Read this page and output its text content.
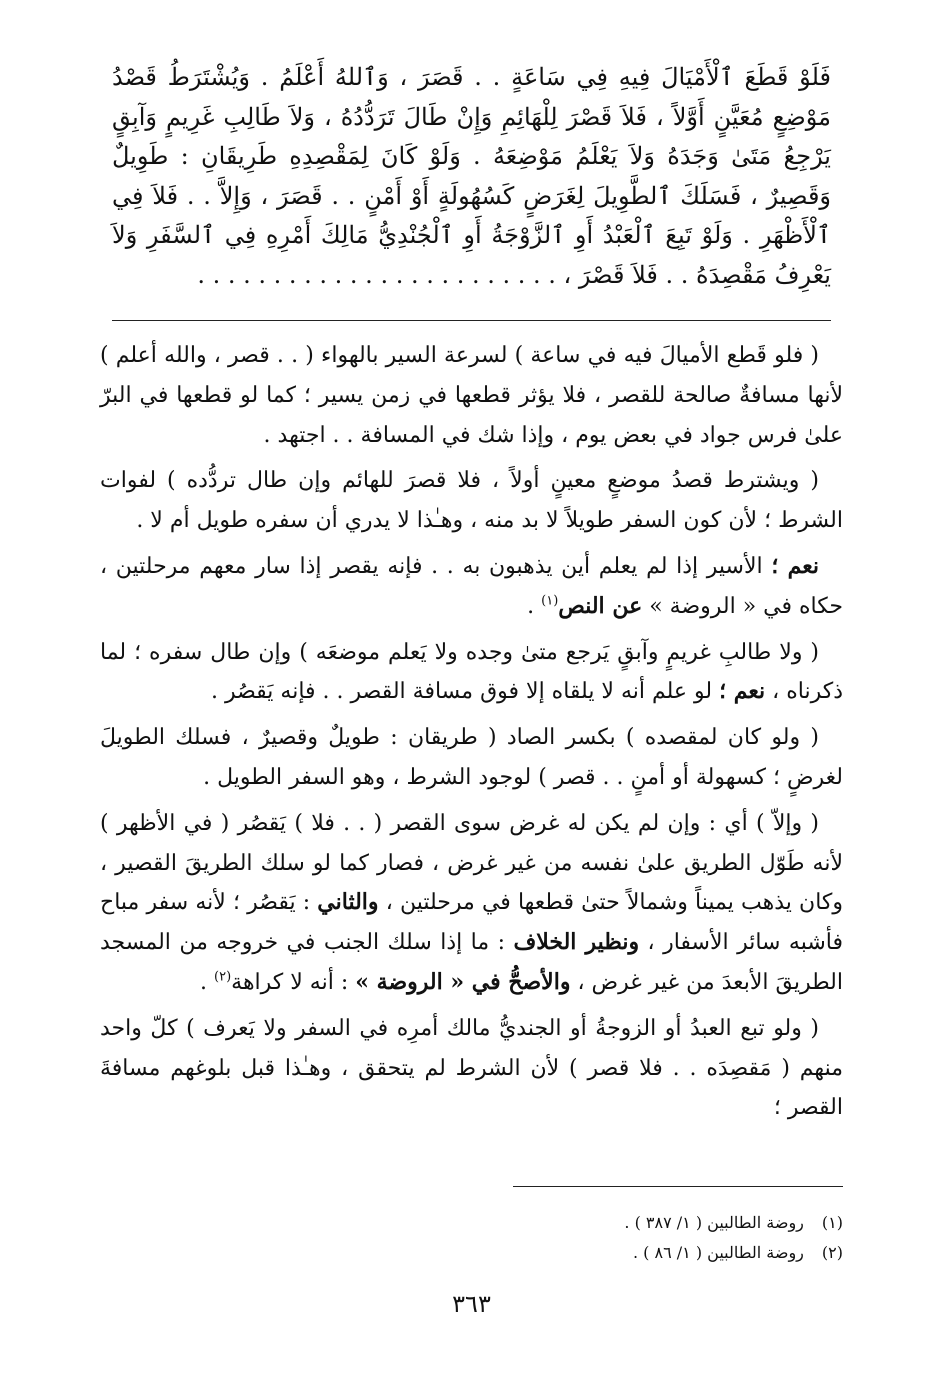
فَلَوْ قَطَعَ ٱلْأَمْيَالَ فِيهِ فِي سَاعَةٍ . . قَصَرَ ، وَٱللهُ أَعْلَمُ . وَيُشْتَرَطُ قَصْدُ مَوْضِعٍ مُعَيَّنٍ أَوَّلاً ، فَلاَ قَصْرَ لِلْهَائِمِ وَإِنْ طَالَ تَرَدُّدُهُ ، وَلاَ طَالِبِ غَرِيمٍ وَآبِقٍ يَرْجِعُ مَتَىٰ وَجَدَهُ وَلاَ يَعْلَمُ مَوْضِعَهُ . وَلَوْ كَانَ لِمَقْصِدِهِ طَرِيقَانِ : طَوِيلٌ وَقَصِيرٌ ، فَسَلَكَ ٱلطَّوِيلَ لِغَرَضٍ كَسُهُولَةٍ أَوْ أَمْنٍ . . قَصَرَ ، وَإِلاَّ . . فَلاَ فِي ٱلْأَظْهَرِ . وَلَوْ تَبِعَ ٱلْعَبْدُ أَوِ ٱلزَّوْجَةُ أَوِ ٱلْجُنْدِيُّ مَالِكَ أَمْرِهِ فِي ٱلسَّفَرِ وَلاَ يَعْرِفُ مَقْصِدَهُ . . فَلاَ قَصْرَ ، . . . . . . . . . . . . . . . . . . . . . . . .

( فلو قَطع الأميالَ فيه في ساعة ) لسرعة السير بالهواء ( . . قصر ، والله أعلم ) لأنها مسافةٌ صالحة للقصر ، فلا يؤثر قطعها في زمن يسير ؛ كما لو قطعها في البرّ علىٰ فرس جواد في بعض يوم ، وإذا شك في المسافة . . اجتهد .

( ويشترط قصدُ موضعٍ معينٍ أولاً ، فلا قصرَ للهائم وإن طال تردُّده ) لفوات الشرط ؛ لأن كون السفر طويلاً لا بد منه ، وهـٰذا لا يدري أن سفره طويل أم لا .

نعم ؛ الأسير إذا لم يعلم أين يذهبون به . . فإنه يقصر إذا سار معهم مرحلتين ، حكاه في « الروضة » عن النص$^{(١)}$ .

( ولا طالبِ غريمٍ وآبقٍ يَرجع متىٰ وجده ولا يَعلم موضعَه ) وإن طال سفره ؛ لما ذكرناه ، نعم ؛ لو علم أنه لا يلقاه إلا فوق مسافة القصر . . فإنه يَقصُر .

( ولو كان لمقصده ) بكسر الصاد ( طريقان : طويلٌ وقصيرٌ ، فسلك الطويلَ لغرضٍ ؛ كسهولة أو أمنٍ . . قصر ) لوجود الشرط ، وهو السفر الطويل .

( وإلاّ ) أي : وإن لم يكن له غرض سوى القصر ( . . فلا ) يَقصُر ( في الأظهر ) لأنه طَوّل الطريق علىٰ نفسه من غير غرض ، فصار كما لو سلك الطريقَ القصير ، وكان يذهب يميناً وشمالاً حتىٰ قطعها في مرحلتين ، والثاني : يَقصُر ؛ لأنه سفر مباح فأشبه سائر الأسفار ، ونظير الخلاف : ما إذا سلك الجنب في خروجه من المسجد الطريقَ الأبعدَ من غير غرض ، والأصحُّ في « الروضة » : أنه لا كراهة$^{(٢)}$ .

( ولو تبع العبدُ أو الزوجةُ أو الجنديُّ مالك أمرِه في السفر ولا يَعرف ) كلّ واحد منهم ( مَقصِدَه . . فلا قصر ) لأن الشرط لم يتحقق ، وهـٰذا قبل بلوغهم مسافةَ القصر ؛

(١) روضة الطالبين ( ١/ ٣٨٧ ) .
(٢) روضة الطالبين ( ١/ ٨٦ ) .
٣٦٣
